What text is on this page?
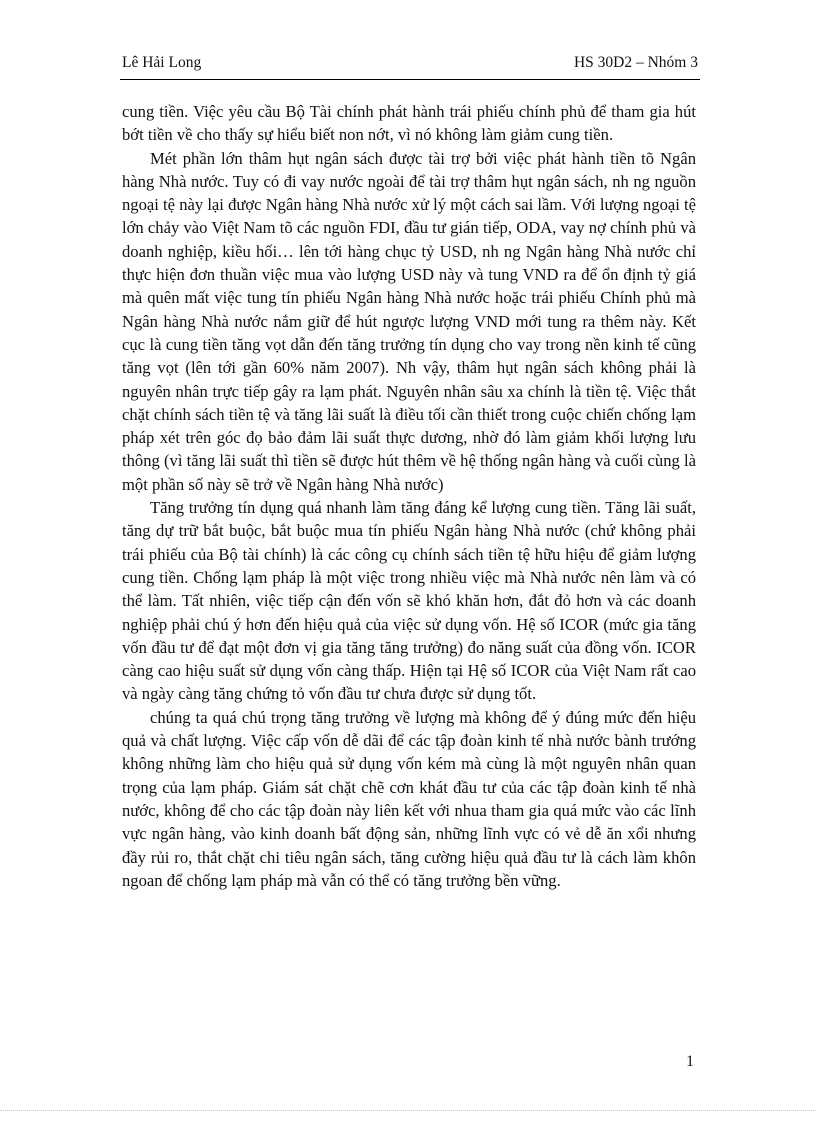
Lê Hải Long	HS 30D2 – Nhóm 3

cung tiền. Việc yêu cầu Bộ Tài chính phát hành trái phiếu chính phủ để tham gia hút bớt tiền về cho thấy sự hiểu biết non nớt, vì nó không làm giảm cung tiền.

Mét phần lớn thâm hụt ngân sách được tài trợ bởi việc phát hành tiền tõ Ngân hàng Nhà nước. Tuy có đi vay nước ngoài để tài trợ thâm hụt ngân sách, nh ng nguồn ngoại tệ này lại được Ngân hàng Nhà nước xử lý một cách sai lầm. Với lượng ngoại tệ lớn chảy vào Việt Nam tõ các nguồn FDI, đầu tư gián tiếp, ODA, vay nợ chính phủ và doanh nghiệp, kiều hối… lên tới hàng chục tỷ USD, nh ng Ngân hàng Nhà nước chỉ thực hiện đơn thuần việc mua vào lượng USD này và tung VND ra để ổn định tỷ giá mà quên mất việc tung tín phiếu Ngân hàng Nhà nước hoặc trái phiếu Chính phủ mà Ngân hàng Nhà nước nắm giữ để hút ngược lượng VND mới tung ra thêm này. Kết cục là cung tiền tăng vọt dẫn đến tăng trưởng tín dụng cho vay trong nền kinh tế cũng tăng vọt (lên tới gần 60% năm 2007). Nh vậy, thâm hụt ngân sách không phải là nguyên nhân trực tiếp gây ra lạm phát. Nguyên nhân sâu xa chính là tiền tệ. Việc thắt chặt chính sách tiền tệ và tăng lãi suất là điều tối cần thiết trong cuộc chiến chống lạm pháp xét trên góc đọ bảo đảm lãi suất thực dương, nhờ đó làm giảm khối lượng lưu thông (vì tăng lãi suất thì tiền sẽ được hút thêm về hệ thống ngân hàng và cuối cùng là một phần số này sẽ trở về Ngân hàng Nhà nước)

Tăng trưởng tín dụng quá nhanh làm tăng đáng kể lượng cung tiền. Tăng lãi suất, tăng dự trữ bắt buộc, bắt buộc mua tín phiếu Ngân hàng Nhà nước (chứ không phải trái phiếu của Bộ tài chính) là các công cụ chính sách tiền tệ hữu hiệu để giảm lượng cung tiền. Chống lạm pháp là một việc trong nhiều việc mà Nhà nước nên làm và có thể làm. Tất nhiên, việc tiếp cận đến vốn sẽ khó khăn hơn, đắt đỏ hơn và các doanh nghiệp phải chú ý hơn đến hiệu quả của việc sử dụng vốn. Hệ số ICOR (mức gia tăng vốn đầu tư để đạt một đơn vị gia tăng tăng trưởng) đo năng suất của đồng vốn. ICOR càng cao hiệu suất sử dụng vốn càng thấp. Hiện tại Hệ số ICOR của Việt Nam rất cao và ngày càng tăng chứng tỏ vốn đầu tư chưa được sử dụng tốt.

chúng ta quá chú trọng tăng trưởng về lượng mà không để ý đúng mức đến hiệu quả và chất lượng. Việc cấp vốn dễ dãi để các tập đoàn kinh tế nhà nước bành trướng không những làm cho hiệu quả sử dụng vốn kém mà cùng là một nguyên nhân quan trọng của lạm pháp. Giám sát chặt chẽ cơn khát đầu tư của các tập đoàn kinh tế nhà nước, không để cho các tập đoàn này liên kết với nhua tham gia quá mức vào các lĩnh vực ngân hàng, vào kinh doanh bất động sản, những lĩnh vực có vẻ dễ ăn xổi nhưng đầy rủi ro, thắt chặt chi tiêu ngân sách, tăng cường hiệu quả đầu tư là cách làm khôn ngoan để chống lạm pháp mà vẫn có thể có tăng trưởng bền vững.

1
